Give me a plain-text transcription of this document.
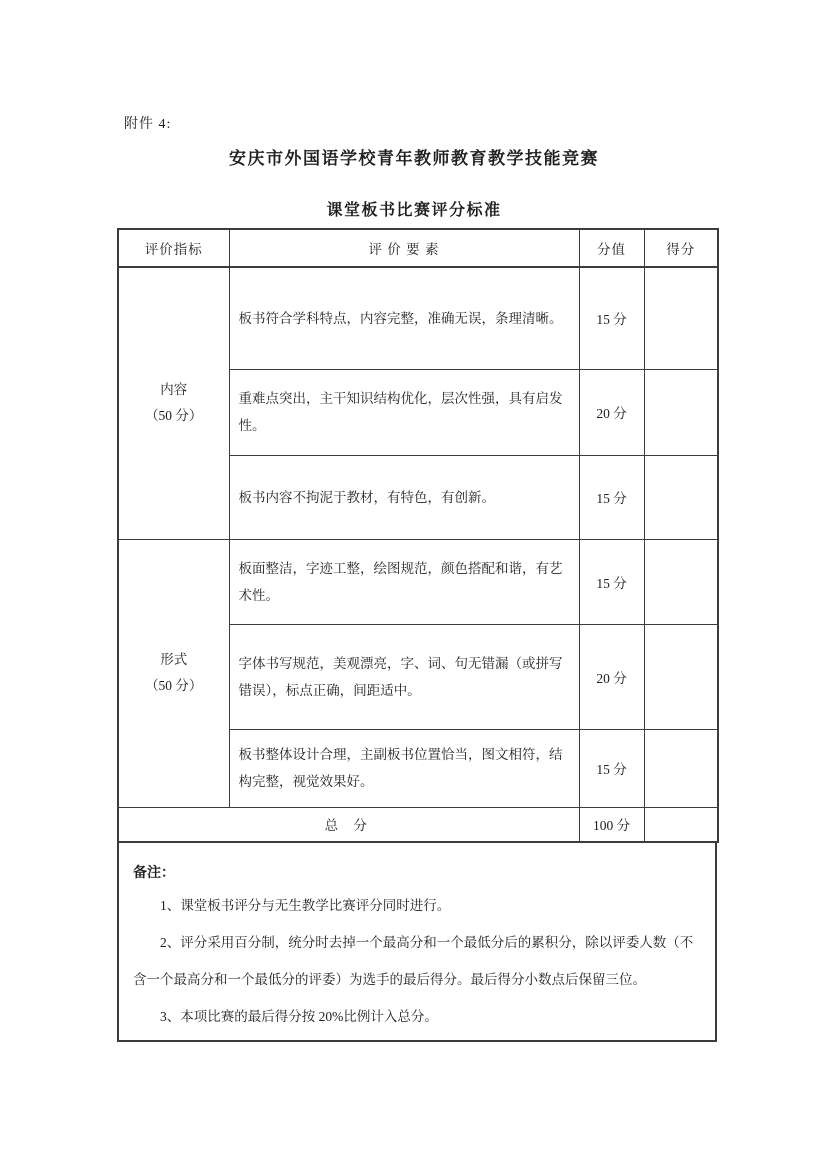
附件 4:
安庆市外国语学校青年教师教育教学技能竞赛
课堂板书比赛评分标准
评价指标	评 价 要 素	分值	得分

内容
（50 分）	板书符合学科特点，内容完整，准确无误，条理清晰。	15 分	
	重难点突出，主干知识结构优化，层次性强，具有启发性。	20 分	
	板书内容不拘泥于教材，有特色，有创新。	15 分	

形式
（50 分）	板面整洁，字迹工整，绘图规范，颜色搭配和谐，有艺术性。	15 分	
	字体书写规范，美观漂亮，字、词、句无错漏（或拼写错误），标点正确，间距适中。	20 分	
	板书整体设计合理，主副板书位置恰当，图文相符，结构完整，视觉效果好。	15 分	
总 分		100 分	
备注：
1、课堂板书评分与无生教学比赛评分同时进行。
2、评分采用百分制，统分时去掉一个最高分和一个最低分后的累积分，除以评委人数（不含一个最高分和一个最低分的评委）为选手的最后得分。最后得分小数点后保留三位。
3、本项比赛的最后得分按 20%比例计入总分。
